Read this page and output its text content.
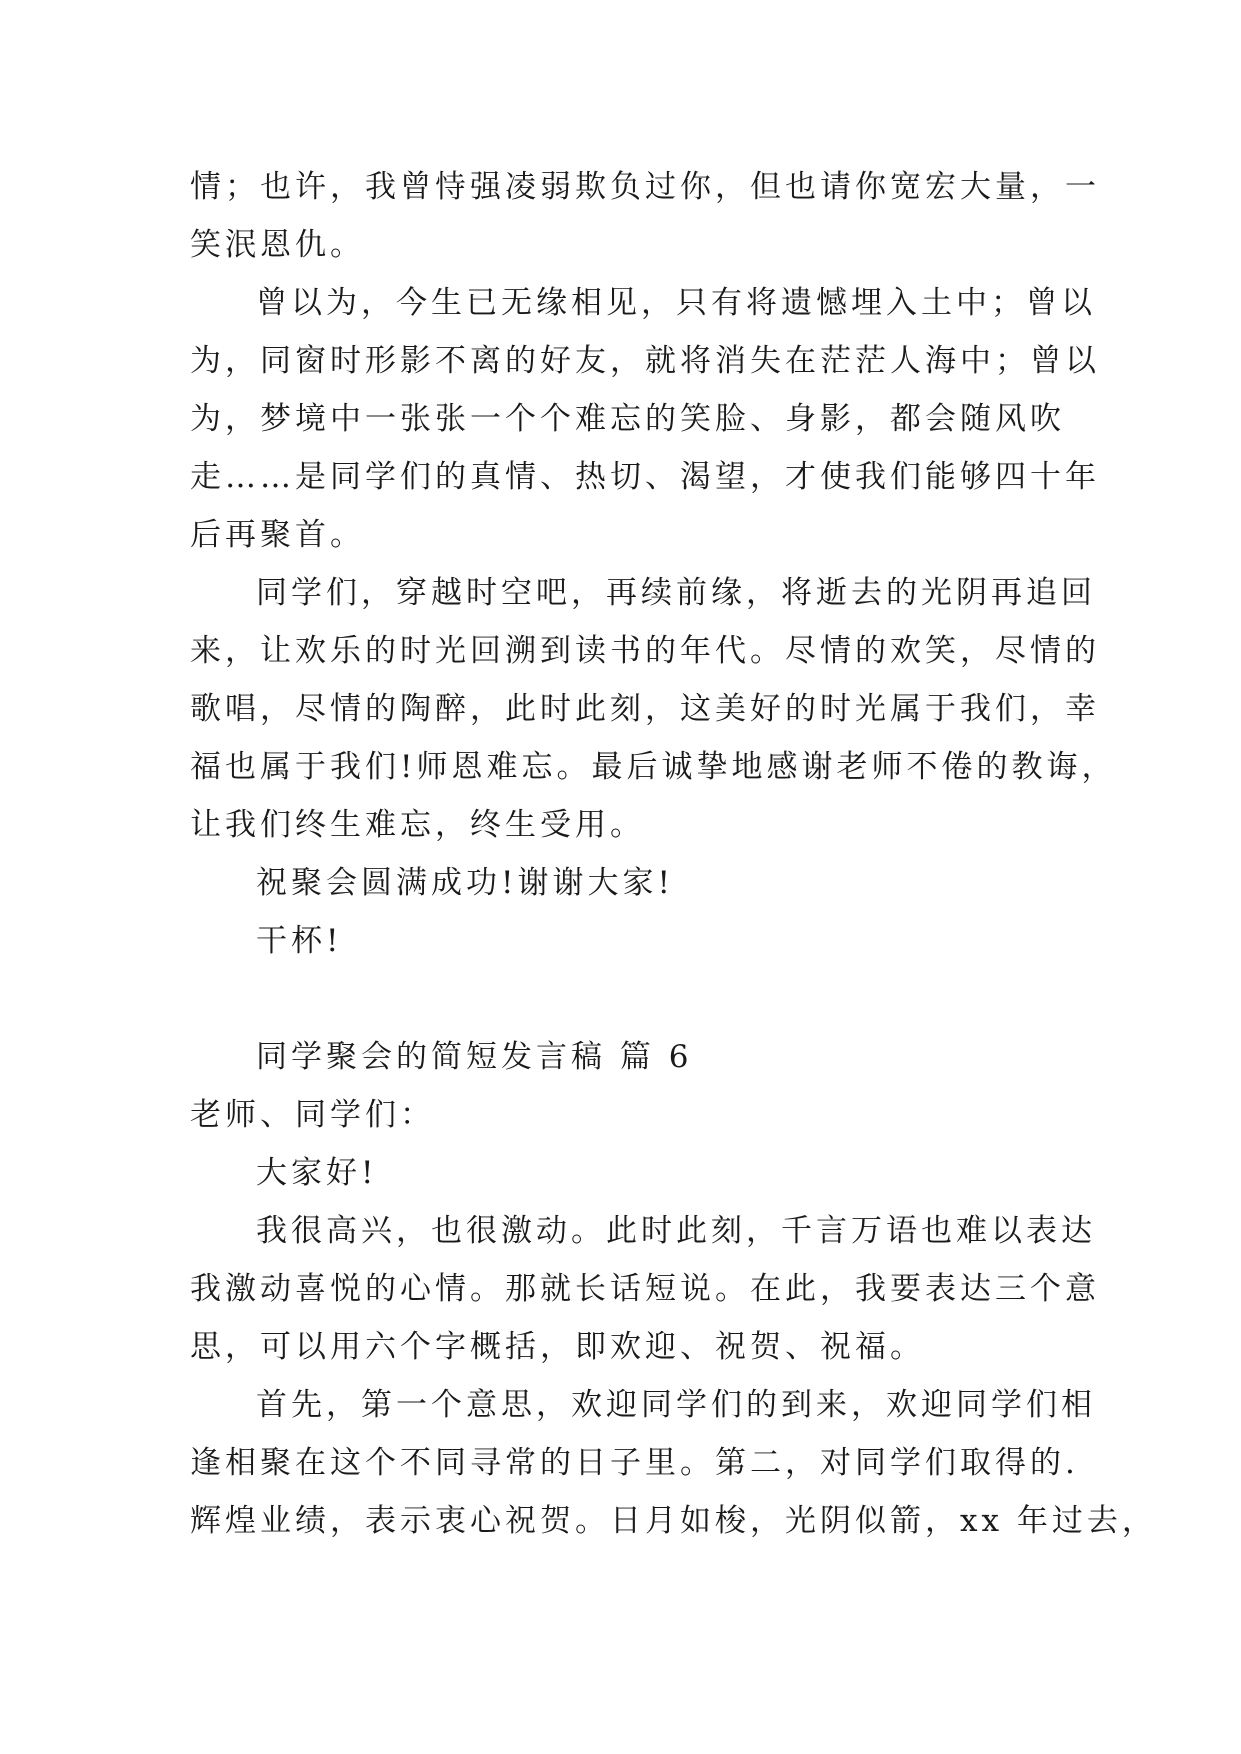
情；也许，我曾恃强凌弱欺负过你，但也请你宽宏大量，一
笑泯恩仇。
曾以为，今生已无缘相见，只有将遗憾埋入土中；曾以
为，同窗时形影不离的好友，就将消失在茫茫人海中；曾以
为，梦境中一张张一个个难忘的笑脸、身影，都会随风吹
走……是同学们的真情、热切、渴望，才使我们能够四十年
后再聚首。
同学们，穿越时空吧，再续前缘，将逝去的光阴再追回
来，让欢乐的时光回溯到读书的年代。尽情的欢笑，尽情的
歌唱，尽情的陶醉，此时此刻，这美好的时光属于我们，幸
福也属于我们!师恩难忘。最后诚挚地感谢老师不倦的教诲，
让我们终生难忘，终生受用。
祝聚会圆满成功!谢谢大家!
干杯!
同学聚会的简短发言稿 篇 6
老师、同学们：
大家好!
我很高兴，也很激动。此时此刻，千言万语也难以表达
我激动喜悦的心情。那就长话短说。在此，我要表达三个意
思，可以用六个字概括，即欢迎、祝贺、祝福。
首先，第一个意思，欢迎同学们的到来，欢迎同学们相
逢相聚在这个不同寻常的日子里。第二，对同学们取得的.
辉煌业绩，表示衷心祝贺。日月如梭，光阴似箭，xx 年过去，
